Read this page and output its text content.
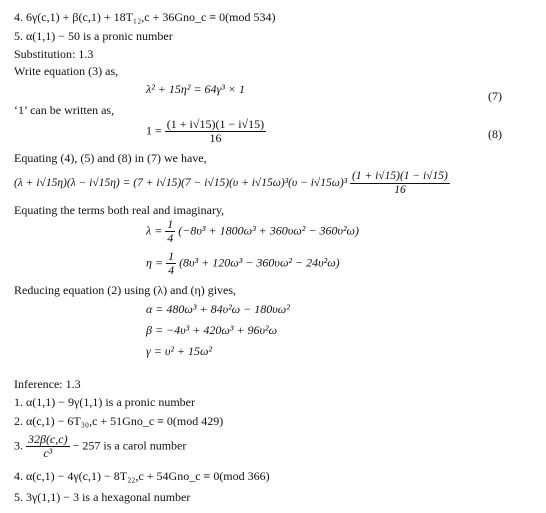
4. 6γ(c,1) + β(c,1) + 18T₁₂,c + 36Gno_c ≡ 0(mod 534)
5. α(1,1) − 50 is a pronic number
Substitution: 1.3
Write equation (3) as,
λ² + 15η² = 64γ³ × 1	(7)
‘1’ can be written as,
$1 = \frac{(1 + i√15)(1 - i√15)}{16}$	(8)
Equating (4), (5) and (8) in (7) we have,
$(\lambda + i√15\eta)(\lambda - i√15\eta) = (7 + i√15)(7 - i√15)(\upsilon + i√15\omega)^3(\upsilon - i√15\omega)^3 \frac{(1 + i√15)(1 - i√15)}{16}$
Equating the terms both real and imaginary,
$\lambda = \frac{1}{4} (-8\upsilon^3 + 1800\omega^3 + 360\upsilon\omega^2 - 360\upsilon^2\omega)$
$\eta = \frac{1}{4} (8\upsilon^3 + 120\omega^3 - 360\upsilon\omega^2 - 24\upsilon^2\omega)$
Reducing equation (2) using (λ) and (η) gives,
α = 480ω³ + 84υ²ω − 180υω²
β = −4υ³ + 420ω³ + 96υ²ω
γ = υ² + 15ω²
Inference: 1.3
1. α(1,1) − 9γ(1,1) is a pronic number
2. α(c,1) − 6T₃₀,c + 51Gno_c ≡ 0(mod 429)
3. $\frac{32\beta(c,c)}{\text{c³}} - 257$ is a carol number
4. α(c,1) − 4γ(c,1) − 8T₂₂,c + 54Gno_c ≡ 0(mod 366)
5. 3γ(1,1) − 3 is a hexagonal number
